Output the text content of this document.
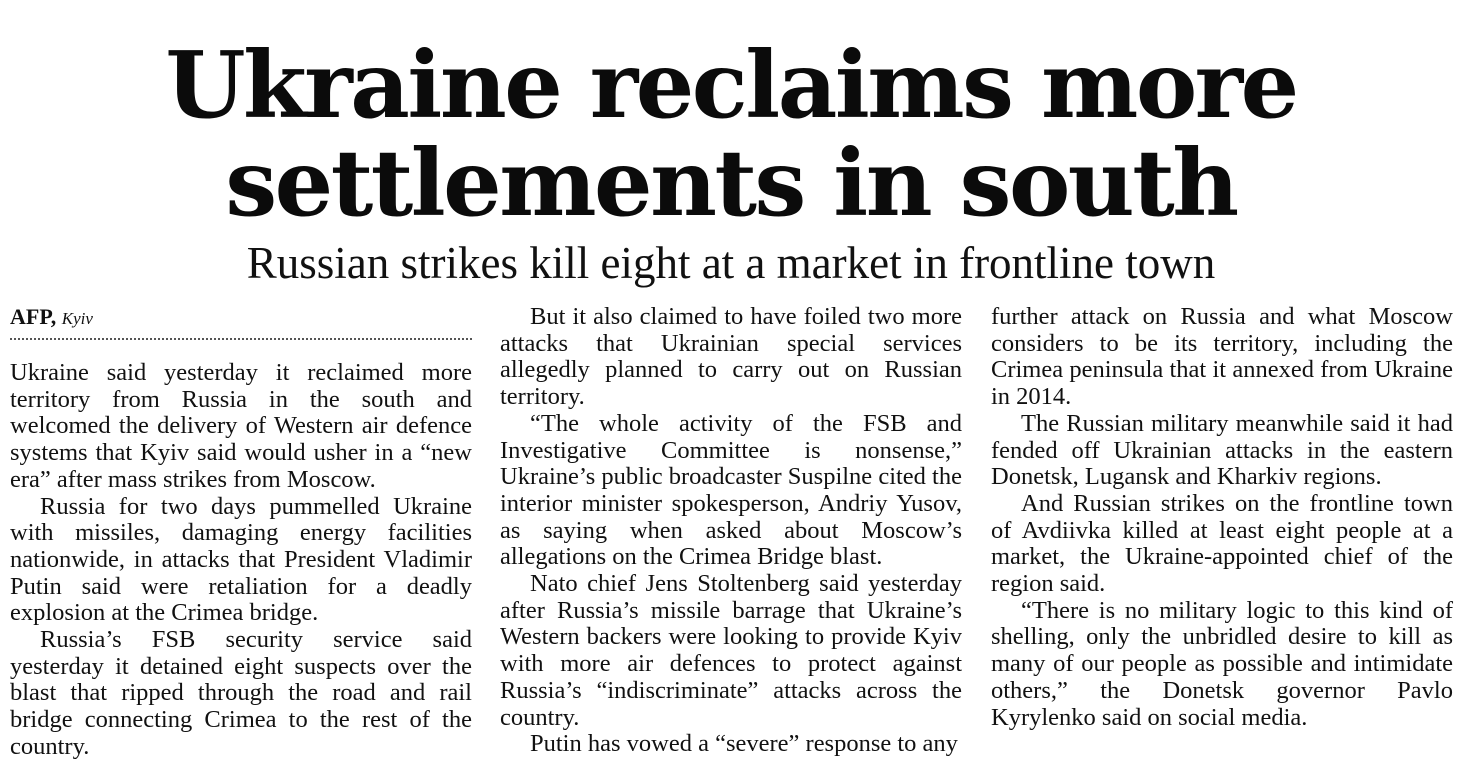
Ukraine reclaims more
settlements in south
Russian strikes kill eight at a market in frontline town
AFP, Kyiv

Ukraine said yesterday it reclaimed more territory from Russia in the south and welcomed the delivery of Western air defence systems that Kyiv said would usher in a “new era” after mass strikes from Moscow.

Russia for two days pummelled Ukraine with missiles, damaging energy facilities nationwide, in attacks that President Vladimir Putin said were retaliation for a deadly explosion at the Crimea bridge.

Russia’s FSB security service said yesterday it detained eight suspects over the blast that ripped through the road and rail bridge connecting Crimea to the rest of the country.

But it also claimed to have foiled two more attacks that Ukrainian special services allegedly planned to carry out on Russian territory.

“The whole activity of the FSB and Investigative Committee is nonsense,” Ukraine’s public broadcaster Suspilne cited the interior minister spokesperson, Andriy Yusov, as saying when asked about Moscow’s allegations on the Crimea Bridge blast.

Nato chief Jens Stoltenberg said yesterday after Russia’s missile barrage that Ukraine’s Western backers were looking to provide Kyiv with more air defences to protect against Russia’s “indiscriminate” attacks across the country.

Putin has vowed a “severe” response to any

further attack on Russia and what Moscow considers to be its territory, including the Crimea peninsula that it annexed from Ukraine in 2014.

The Russian military meanwhile said it had fended off Ukrainian attacks in the eastern Donetsk, Lugansk and Kharkiv regions.

And Russian strikes on the frontline town of Avdiivka killed at least eight people at a market, the Ukraine-appointed chief of the region said.

“There is no military logic to this kind of shelling, only the unbridled desire to kill as many of our people as possible and intimidate others,” the Donetsk governor Pavlo Kyrylenko said on social media.
